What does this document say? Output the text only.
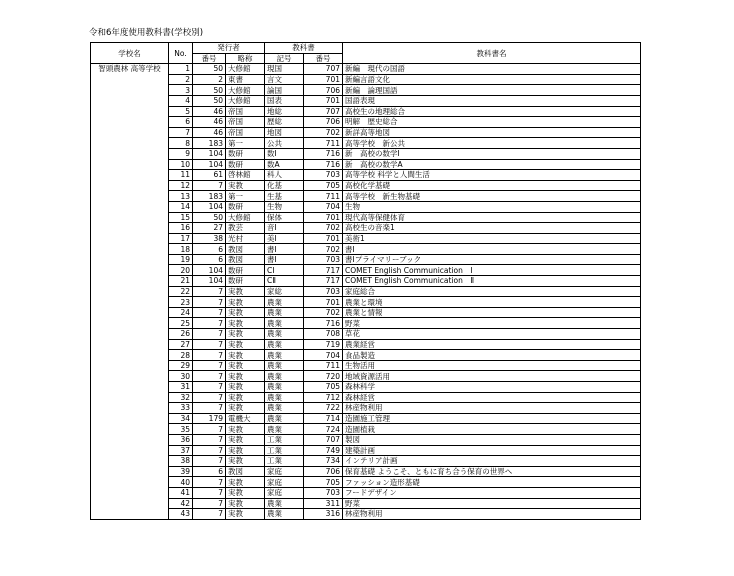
令和6年度使用教科書(学校別)
学校名	No.	発行者		教科書		教科書名
		番号	略称	記号	番号	
智頭農林 高等学校	1	50	大修館	現国	707	新編　現代の国語
	2	2	東書	言文	701	新編言語文化
	3	50	大修館	論国	706	新編　論理国語
	4	50	大修館	国表	701	国語表現
	5	46	帝国	地総	707	高校生の地理総合
	6	46	帝国	歴総	706	明解　歴史総合
	7	46	帝国	地図	702	新詳高等地図
	8	183	第一	公共	711	高等学校　新公共
	9	104	数研	数Ⅰ	716	新　高校の数学Ⅰ
	10	104	数研	数A	716	新　高校の数学A
	11	61	啓林館	科人	703	高等学校 科学と人間生活
	12	7	実教	化基	705	高校化学基礎
	13	183	第一	生基	711	高等学校　新生物基礎
	14	104	数研	生物	704	生物
	15	50	大修館	保体	701	現代高等保健体育
	16	27	教芸	音Ⅰ	702	高校生の音楽1
	17	38	光村	美Ⅰ	701	美術1
	18	6	教図	書Ⅰ	702	書Ⅰ
	19	6	教図	書Ⅰ	703	書Ⅰプライマリーブック
	20	104	数研	CⅠ	717	COMET English Communication　Ⅰ
	21	104	数研	CⅡ	717	COMET English Communication　Ⅱ
	22	7	実教	家総	703	家庭総合
	23	7	実教	農業	701	農業と環境
	24	7	実教	農業	702	農業と情報
	25	7	実教	農業	716	野菜
	26	7	実教	農業	708	草花
	27	7	実教	農業	719	農業経営
	28	7	実教	農業	704	食品製造
	29	7	実教	農業	711	生物活用
	30	7	実教	農業	720	地域資源活用
	31	7	実教	農業	705	森林科学
	32	7	実教	農業	712	森林経営
	33	7	実教	農業	722	林産物利用
	34	179	電機大	農業	714	造園施工管理
	35	7	実教	農業	724	造園植栽
	36	7	実教	工業	707	製図
	37	7	実教	工業	749	建築計画
	38	7	実教	工業	734	インテリア計画
	39	6	教図	家庭	706	保育基礎 ようこそ、ともに育ち合う保育の世界へ
	40	7	実教	家庭	705	ファッション造形基礎
	41	7	実教	家庭	703	フードデザイン
	42	7	実教	農業	311	野菜
	43	7	実教	農業	316	林産物利用
